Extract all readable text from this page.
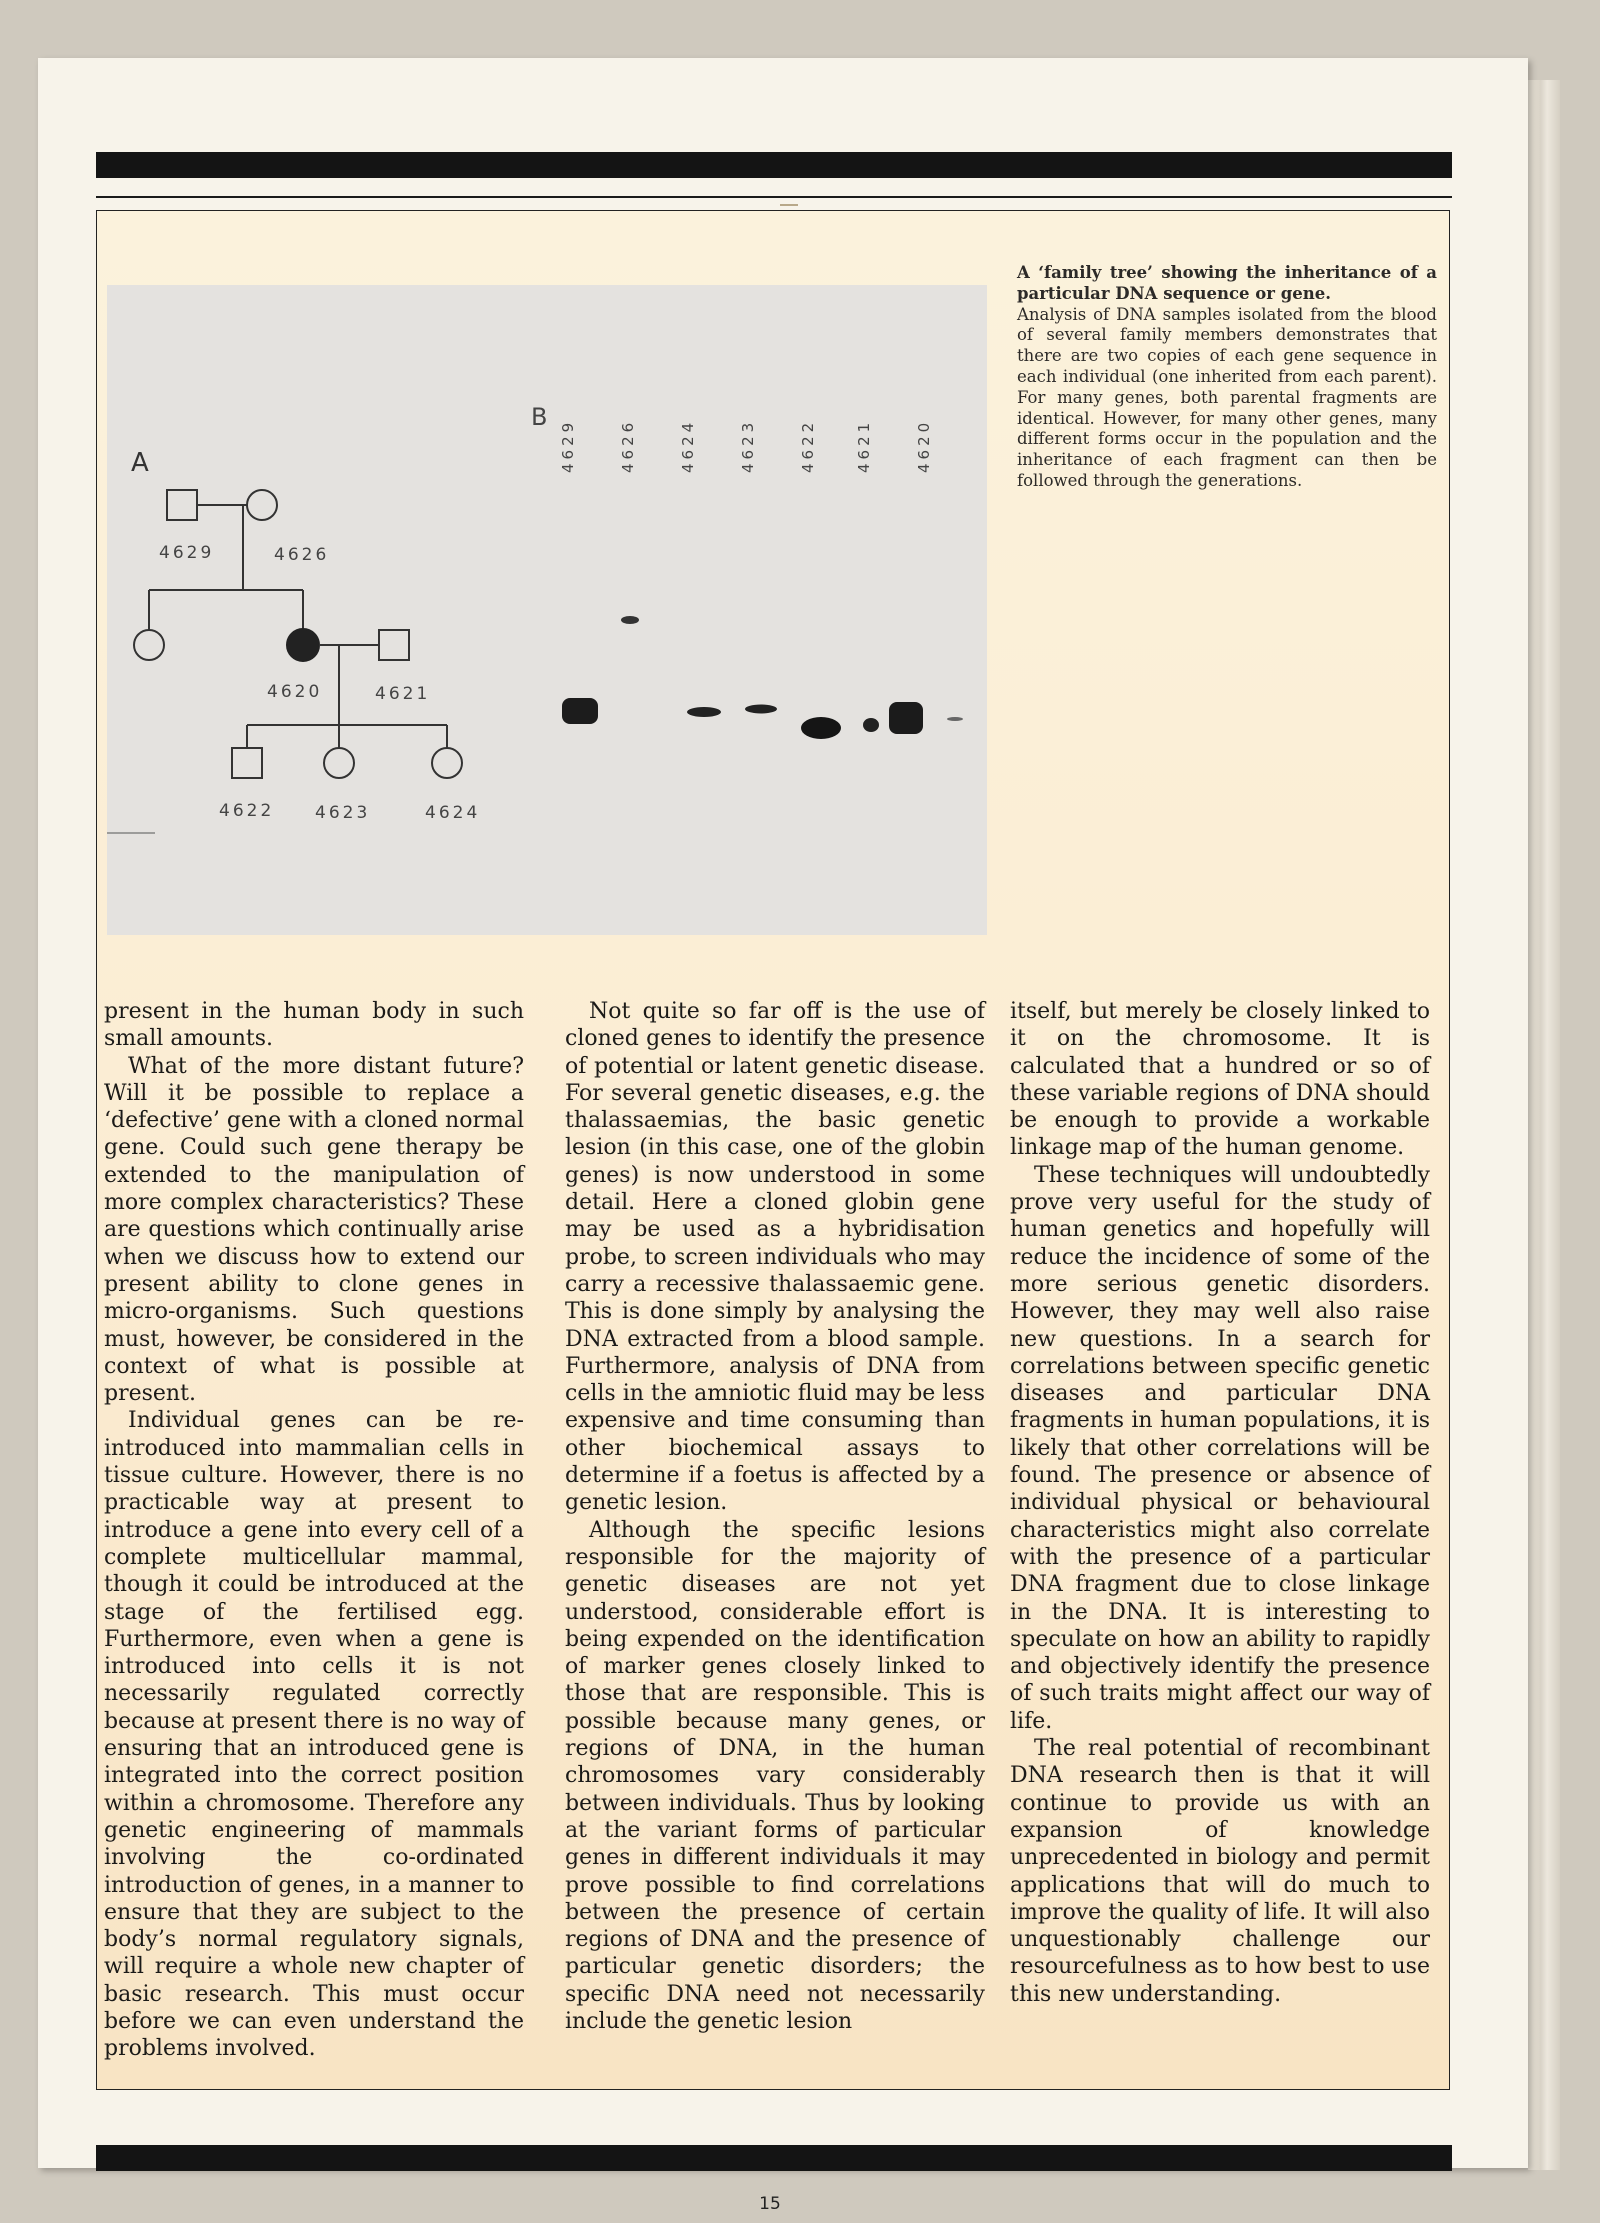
A
4629	4626
4620	4621
4622 4623	4624
B
4629	4626	4624	4623	4622	4621	4620
A ‘family tree’ showing the inheritance of a particular DNA sequence or gene.
Analysis of DNA samples isolated from the blood of several family members demonstrates that there are two copies of each gene sequence in each individual (one inherited from each parent). For many genes, both parental fragments are identical. However, for many other genes, many different forms occur in the population and the inheritance of each fragment can then be followed through the generations.

present in the human body in such small amounts.

What of the more distant future? Will it be possible to replace a ‘defective’ gene with a cloned normal gene. Could such gene therapy be extended to the manipulation of more complex characteristics? These are questions which continually arise when we discuss how to extend our present ability to clone genes in micro-organisms. Such questions must, however, be considered in the context of what is possible at present.

Individual genes can be re-introduced into mammalian cells in tissue culture. However, there is no practicable way at present to introduce a gene into every cell of a complete multicellular mammal, though it could be introduced at the stage of the fertilised egg. Furthermore, even when a gene is introduced into cells it is not necessarily regulated correctly because at present there is no way of ensuring that an introduced gene is integrated into the correct position within a chromosome. Therefore any genetic engineering of mammals involving the co-ordinated introduction of genes, in a manner to ensure that they are subject to the body’s normal regulatory signals, will require a whole new chapter of basic research. This must occur before we can even understand the problems involved.

Not quite so far off is the use of cloned genes to identify the presence of potential or latent genetic disease. For several genetic diseases, e.g. the thalassaemias, the basic genetic lesion (in this case, one of the globin genes) is now understood in some detail. Here a cloned globin gene may be used as a hybridisation probe, to screen individuals who may carry a recessive thalassaemic gene. This is done simply by analysing the DNA extracted from a blood sample. Furthermore, analysis of DNA from cells in the amniotic fluid may be less expensive and time consuming than other biochemical assays to determine if a foetus is affected by a genetic lesion.

Although the specific lesions responsible for the majority of genetic diseases are not yet understood, considerable effort is being expended on the identification of marker genes closely linked to those that are responsible. This is possible because many genes, or regions of DNA, in the human chromosomes vary considerably between individuals. Thus by looking at the variant forms of particular genes in different individuals it may prove possible to find correlations between the presence of certain regions of DNA and the presence of particular genetic disorders; the specific DNA need not necessarily include the genetic lesion

itself, but merely be closely linked to it on the chromosome. It is calculated that a hundred or so of these variable regions of DNA should be enough to provide a workable linkage map of the human genome.

These techniques will undoubtedly prove very useful for the study of human genetics and hopefully will reduce the incidence of some of the more serious genetic disorders. However, they may well also raise new questions. In a search for correlations between specific genetic diseases and particular DNA fragments in human populations, it is likely that other correlations will be found. The presence or absence of individual physical or behavioural characteristics might also correlate with the presence of a particular DNA fragment due to close linkage in the DNA. It is interesting to speculate on how an ability to rapidly and objectively identify the presence of such traits might affect our way of life.

The real potential of recombinant DNA research then is that it will continue to provide us with an expansion of knowledge unprecedented in biology and permit applications that will do much to improve the quality of life. It will also unquestionably challenge our resourcefulness as to how best to use this new understanding.

15
